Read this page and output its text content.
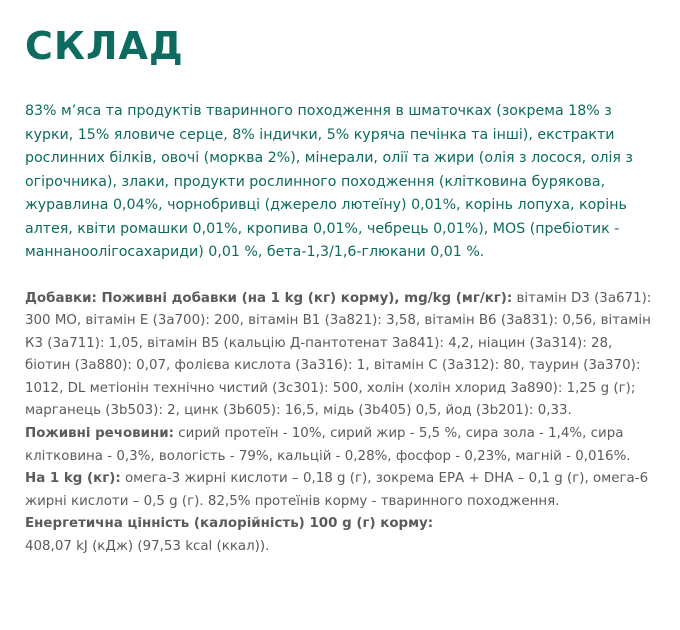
СКЛАД

83% м’яса та продуктів тваринного походження в шматочках (зокрема 18% з курки, 15% яловиче серце, 8% індички, 5% куряча печінка та інші), екстракти рослинних білків, овочі (морква 2%), мінерали, олії та жири (олія з лосося, олія з огірочника), злаки, продукти рослинного походження (клітковина бурякова, журавлина 0,04%, чорнобривці (джерело лютеїну) 0,01%, корінь лопуха, корінь алтея, квіти ромашки 0,01%, кропива 0,01%, чебрець 0,01%), MOS (пребіотик - маннаноолігосахариди) 0,01 %, бета-1,3/1,6-глюкани 0,01 %.

Добавки: Поживні добавки (на 1 kg (кг) корму), mg/kg (мг/кг): вітамін D3 (3a671): 300 МО, вітамін Е (3a700): 200, вітамін В1 (3a821): 3,58, вітамін В6 (3a831): 0,56, вітамін К3 (3a711): 1,05, вітамін В5 (кальцію Д-пантотенат 3a841): 4,2, ніацин (3a314): 28, біотин (3a880): 0,07, фолієва кислота (3a316): 1, вітамін С (3a312): 80, таурин (3a370): 1012, DL метіонін технічно чистий (3c301): 500, холін (холін хлорид 3a890): 1,25 g (г); марганець (3b503): 2, цинк (3b605): 16,5, мідь (3b405) 0,5, йод (3b201): 0,33.

Поживні речовини: сирий протеїн - 10%, сирий жир - 5,5 %, сира зола - 1,4%, сира клітковина - 0,3%, вологість - 79%, кальцій - 0,28%, фосфор - 0,23%, магній - 0,016%.

На 1 kg (кг): омега-3 жирні кислоти – 0,18 g (г), зокрема ЕРА + DHA – 0,1 g (г), омега-6 жирні кислоти – 0,5 g (г). 82,5% протеїнів корму - тваринного походження.

Енергетична цінність (калорійність) 100 g (г) корму:
408,07 kJ (кДж) (97,53 kcal (ккал)).
